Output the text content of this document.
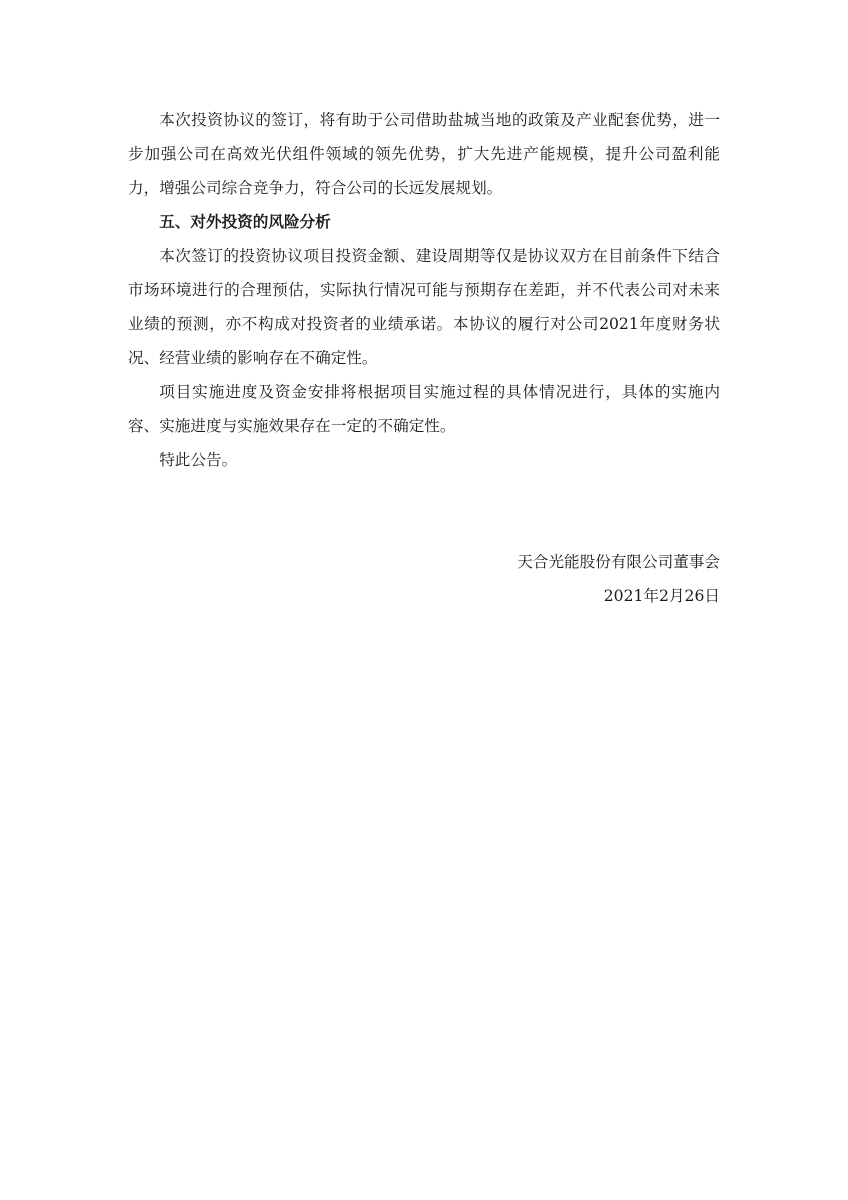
本次投资协议的签订，将有助于公司借助盐城当地的政策及产业配套优势，进一步加强公司在高效光伏组件领域的领先优势，扩大先进产能规模，提升公司盈利能力，增强公司综合竞争力，符合公司的长远发展规划。

五、对外投资的风险分析

本次签订的投资协议项目投资金额、建设周期等仅是协议双方在目前条件下结合市场环境进行的合理预估，实际执行情况可能与预期存在差距，并不代表公司对未来业绩的预测，亦不构成对投资者的业绩承诺。本协议的履行对公司2021年度财务状况、经营业绩的影响存在不确定性。

项目实施进度及资金安排将根据项目实施过程的具体情况进行，具体的实施内容、实施进度与实施效果存在一定的不确定性。

特此公告。

天合光能股份有限公司董事会
2021年2月26日
